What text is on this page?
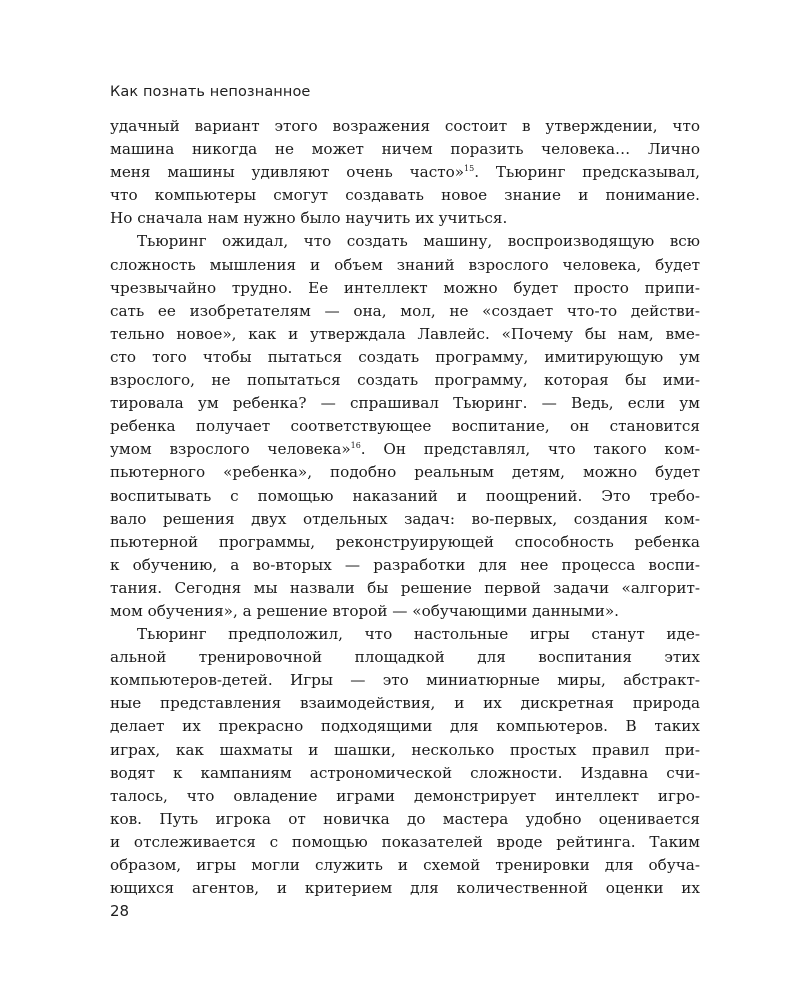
Как познать непознанное
удачный вариант этого возражения состоит в утверждении, что
машина никогда не может ничем поразить человека… Лично
меня машины удивляют очень часто»$^{15}$. Тьюринг предсказывал,
что компьютеры смогут создавать новое знание и понимание.
Но сначала нам нужно было научить их учиться.
Тьюринг ожидал, что создать машину, воспроизводящую всю
сложность мышления и объем знаний взрослого человека, будет
чрезвычайно трудно. Ее интеллект можно будет просто припи-
сать ее изобретателям — она, мол, не «создает что-то действи-
тельно новое», как и утверждала Лавлейс. «Почему бы нам, вме-
сто того чтобы пытаться создать программу, имитирующую ум
взрослого, не попытаться создать программу, которая бы ими-
тировала ум ребенка? — спрашивал Тьюринг. — Ведь, если ум
ребенка получает соответствующее воспитание, он становится
умом взрослого человека»$^{16}$. Он представлял, что такого ком-
пьютерного «ребенка», подобно реальным детям, можно будет
воспитывать с помощью наказаний и поощрений. Это требо-
вало решения двух отдельных задач: во-первых, создания ком-
пьютерной программы, реконструирующей способность ребенка
к обучению, а во-вторых — разработки для нее процесса воспи-
тания. Сегодня мы назвали бы решение первой задачи «алгорит-
мом обучения», а решение второй — «обучающими данными».
Тьюринг предположил, что настольные игры станут иде-
альной тренировочной площадкой для воспитания этих
компьютеров-детей. Игры — это миниатюрные миры, абстракт-
ные представления взаимодействия, и их дискретная природа
делает их прекрасно подходящими для компьютеров. В таких
играх, как шахматы и шашки, несколько простых правил при-
водят к кампаниям астрономической сложности. Издавна счи-
талось, что овладение играми демонстрирует интеллект игро-
ков. Путь игрока от новичка до мастера удобно оценивается
и отслеживается с помощью показателей вроде рейтинга. Таким
образом, игры могли служить и схемой тренировки для обуча-
ющихся агентов, и критерием для количественной оценки их
28
